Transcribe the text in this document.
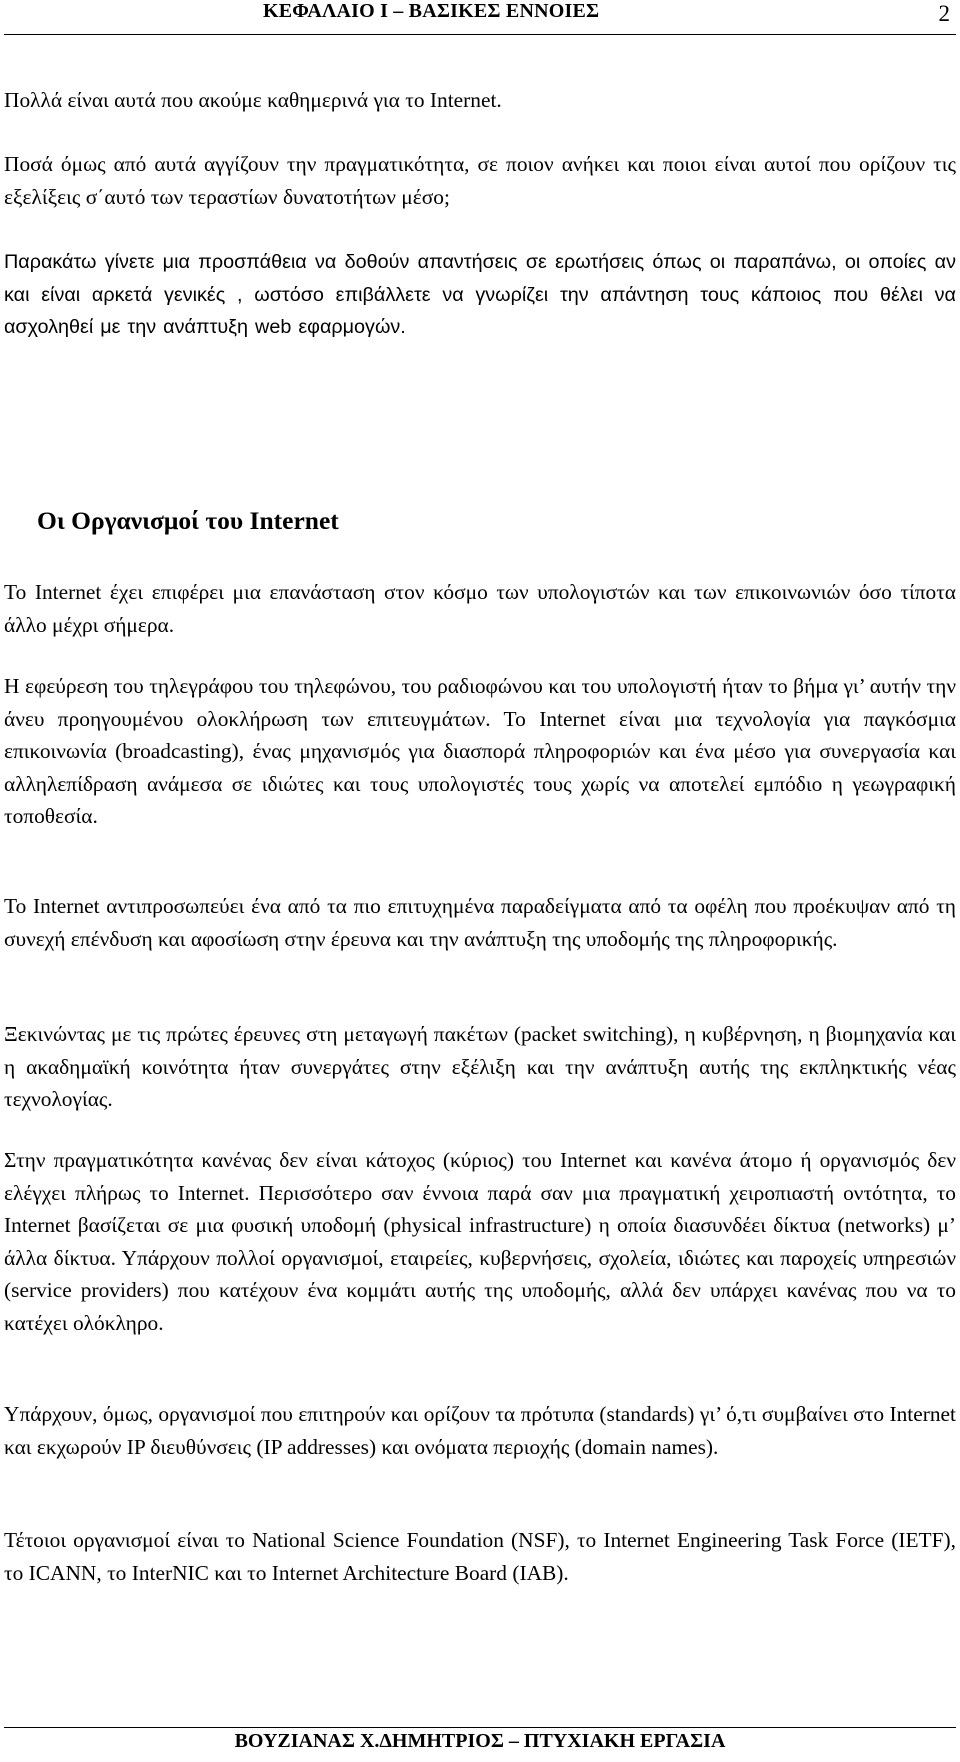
ΚΕΦΑΛΑΙΟ Ι – ΒΑΣΙΚΕΣ ΕΝΝΟΙΕΣ	2

Πολλά είναι αυτά που ακούμε καθημερινά για το Internet.

Ποσά όμως από αυτά αγγίζουν την πραγματικότητα, σε ποιον ανήκει και ποιοι είναι αυτοί που ορίζουν τις εξελίξεις σ΄αυτό των τεραστίων δυνατοτήτων μέσο;

Παρακάτω γίνετε μια προσπάθεια να δοθούν απαντήσεις σε ερωτήσεις όπως οι παραπάνω, οι οποίες αν και είναι αρκετά γενικές , ωστόσο επιβάλλετε να γνωρίζει την απάντηση τους κάποιος που θέλει να ασχοληθεί με την ανάπτυξη web εφαρμογών.

Οι Οργανισμοί του Internet

Το Internet έχει επιφέρει μια επανάσταση στον κόσμο των υπολογιστών και των επικοινωνιών όσο τίποτα άλλο μέχρι σήμερα.

Η εφεύρεση του τηλεγράφου του τηλεφώνου, του ραδιοφώνου και του υπολογιστή ήταν το βήμα γι’ αυτήν την άνευ προηγουμένου ολοκλήρωση των επιτευγμάτων. Το Internet είναι μια τεχνολογία για παγκόσμια επικοινωνία (broadcasting), ένας μηχανισμός για διασπορά πληροφοριών και ένα μέσο για συνεργασία και αλληλεπίδραση ανάμεσα σε ιδιώτες και τους υπολογιστές τους χωρίς να αποτελεί εμπόδιο η γεωγραφική τοποθεσία.

Το Internet αντιπροσωπεύει ένα από τα πιο επιτυχημένα παραδείγματα από τα οφέλη που προέκυψαν από τη συνεχή επένδυση και αφοσίωση στην έρευνα και την ανάπτυξη της υποδομής της πληροφορικής.

Ξεκινώντας με τις πρώτες έρευνες στη μεταγωγή πακέτων (packet switching), η κυβέρνηση, η βιομηχανία και η ακαδημαϊκή κοινότητα ήταν συνεργάτες στην εξέλιξη και την ανάπτυξη αυτής της εκπληκτικής νέας τεχνολογίας.

Στην πραγματικότητα κανένας δεν είναι κάτοχος (κύριος) του Internet και κανένα άτομο ή οργανισμός δεν ελέγχει πλήρως το Internet. Περισσότερο σαν έννοια παρά σαν μια πραγματική χειροπιαστή οντότητα, το Internet βασίζεται σε μια φυσική υποδομή (physical infrastructure) η οποία διασυνδέει δίκτυα (networks) μ’ άλλα δίκτυα. Υπάρχουν πολλοί οργανισμοί, εταιρείες, κυβερνήσεις, σχολεία, ιδιώτες και παροχείς υπηρεσιών (service providers) που κατέχουν ένα κομμάτι αυτής της υποδομής, αλλά δεν υπάρχει κανένας που να το κατέχει ολόκληρο.

Υπάρχουν, όμως, οργανισμοί που επιτηρούν και ορίζουν τα πρότυπα (standards) γι’ ό,τι συμβαίνει στο Internet και εκχωρούν IP διευθύνσεις (IP addresses) και ονόματα περιοχής (domain names).

Τέτοιοι οργανισμοί είναι το National Science Foundation (NSF), το Internet Engineering Task Force (IETF), το ICANN, το InterNIC και το Internet Architecture Board (IAB).

ΒΟΥΖΙΑΝΑΣ Χ.ΔΗΜΗΤΡΙΟΣ – ΠΤΥΧΙΑΚΗ ΕΡΓΑΣΙΑ
